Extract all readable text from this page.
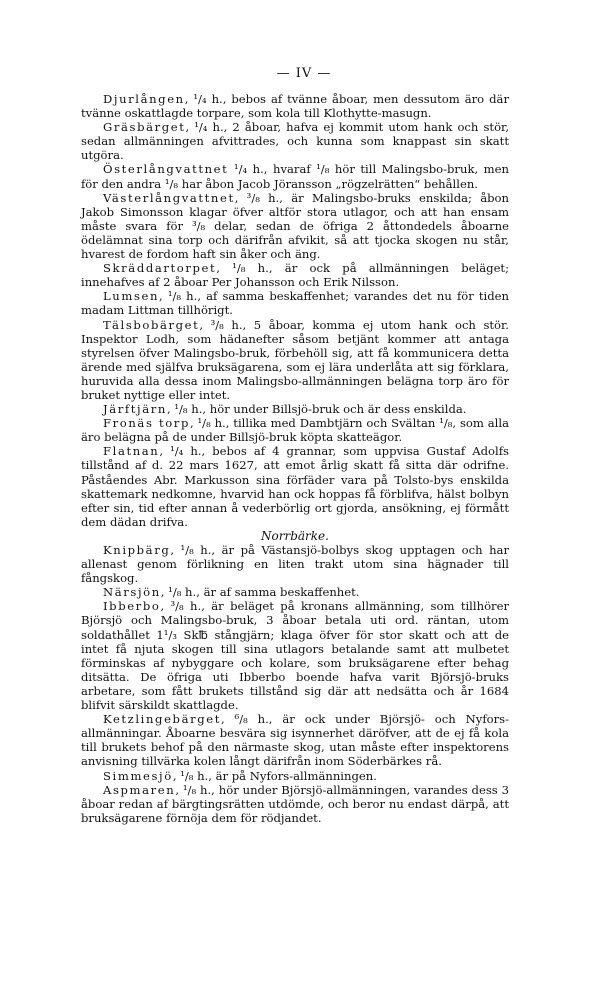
— IV —

Djurlången, ¹/₄ h., bebos af tvänne åboar, men dessutom äro där tvänne oskattlagde torpare, som kola till Klothytte-masugn.

Gräsbärget, ¹/₄ h., 2 åboar, hafva ej kommit utom hank och stör, sedan allmänningen afvittrades, och kunna som knappast sin skatt utgöra.

Österlångvattnet ¹/₄ h., hvaraf ¹/₈ hör till Malingsbo-bruk, men för den andra ¹/₈ har åbon Jacob Jöransson „rögzelrätten“ behållen.

Västerlångvattnet, ³/₈ h., är Malingsbo-bruks enskilda; åbon Jakob Simonsson klagar öfver altför stora utlagor, och att han ensam måste svara för ³/₈ delar, sedan de öfriga 2 åttondedels åboarne ödelämnat sina torp och därifrån afvikit, så att tjocka skogen nu står, hvarest de fordom haft sin åker och äng.

Skräddartorpet, ¹/₈ h., är ock på allmänningen beläget; innehafves af 2 åboar Per Johansson och Erik Nilsson.

Lumsen, ¹/₈ h., af samma beskaffenhet; varandes det nu för tiden madam Littman tillhörigt.

Tälsbobärget, ³/₈ h., 5 åboar, komma ej utom hank och stör. Inspektor Lodh, som hädanefter såsom betjänt kommer att antaga styrelsen öfver Malingsbo-bruk, förbehöll sig, att få kommunicera detta ärende med själfva bruksägarena, som ej lära underlåta att sig förklara, huruvida alla dessa inom Malingsbo-allmänningen belägna torp äro för bruket nyttige eller intet.

Järftjärn, ¹/₈ h., hör under Billsjö-bruk och är dess enskilda.

Fronäs torp, ¹/₈ h., tillika med Dambtjärn och Svältan ¹/₈, som alla äro belägna på de under Billsjö-bruk köpta skatteägor.

Flatnan, ¹/₄ h., bebos af 4 grannar, som uppvisa Gustaf Adolfs tillstånd af d. 22 mars 1627, att emot årlig skatt få sitta där odrifne. Påståendes Abr. Markusson sina förfäder vara på Tolsto-bys enskilda skattemark nedkomne, hvarvid han ock hoppas få förblifva, hälst bolbyn efter sin, tid efter annan å vederbörlig ort gjorda, ansökning, ej förmått dem dädan drifva.

Norrbärke.

Knipbärg, ¹/₈ h., är på Västansjö-bolbys skog upptagen och har allenast genom förlikning en liten trakt utom sina hägnader till fångskog.

Närsjön, ¹/₈ h., är af samma beskaffenhet.

Ibberbo, ³/₈ h., är beläget på kronans allmänning, som tillhörer Björsjö och Malingsbo-bruk, 3 åboar betala uti ord. räntan, utom soldathållet 1¹/₃ Sk℔ stångjärn; klaga öfver för stor skatt och att de intet få njuta skogen till sina utlagors betalande samt att mulbetet förminskas af nybyggare och kolare, som bruksägarene efter behag ditsätta. De öfriga uti Ibberbo boende hafva varit Björsjö-bruks arbetare, som fått brukets tillstånd sig där att nedsätta och år 1684 blifvit särskildt skattlagde.

Ketzlingebärget, ⁶/₈ h., är ock under Björsjö- och Nyfors-allmänningar. Åboarne besvära sig isynnerhet däröfver, att de ej få kola till brukets behof på den närmaste skog, utan måste efter inspektorens anvisning tillvärka kolen långt därifrån inom Söderbärkes rå.

Simmesjö, ¹/₈ h., är på Nyfors-allmänningen.

Aspmaren, ¹/₈ h., hör under Björsjö-allmänningen, varandes dess 3 åboar redan af bärgtingsrätten utdömde, och beror nu endast därpå, att bruksägarene förnöja dem för rödjandet.
